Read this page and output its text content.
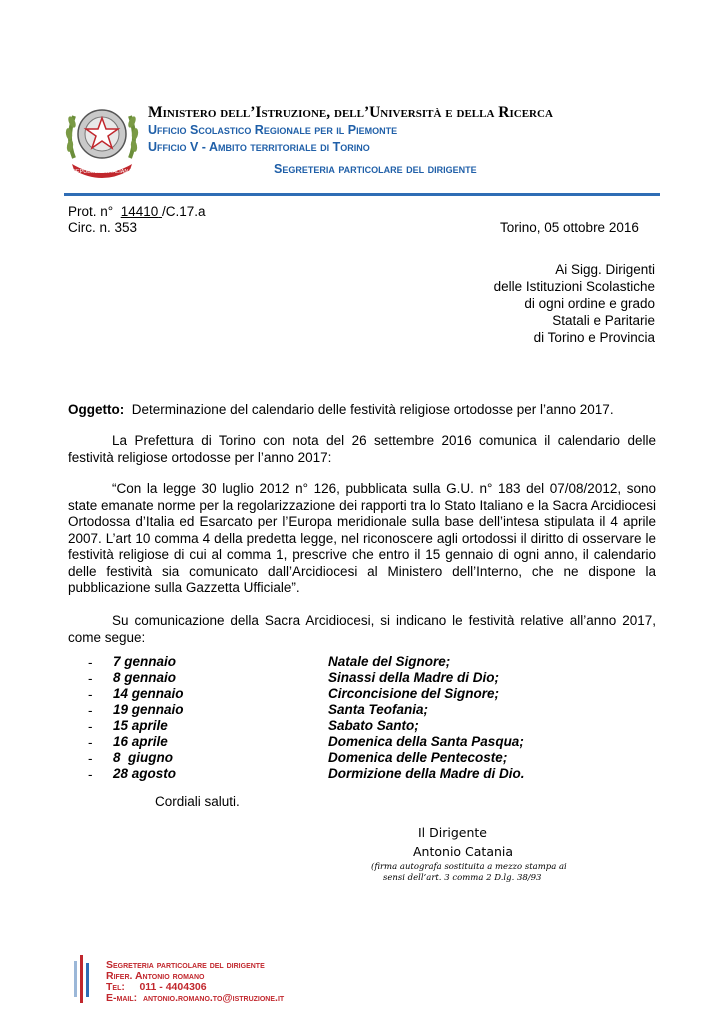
REPUBBLICA ITALIANA
Ministero dell’Istruzione, dell’Università e della Ricerca
Ufficio Scolastico Regionale per il Piemonte
Ufficio V - Ambito territoriale di Torino
Segreteria particolare del dirigente
Prot. n° 14410 /C.17.a
Circ. n. 353	Torino, 05 ottobre 2016
Ai Sigg. Dirigenti
delle Istituzioni Scolastiche
di ogni ordine e grado
Statali e Paritarie
di Torino e Provincia
Oggetto: Determinazione del calendario delle festività religiose ortodosse per l’anno 2017.
La Prefettura di Torino con nota del 26 settembre 2016 comunica il calendario delle festività religiose ortodosse per l’anno 2017:
“Con la legge 30 luglio 2012 n° 126, pubblicata sulla G.U. n° 183 del 07/08/2012, sono state emanate norme per la regolarizzazione dei rapporti tra lo Stato Italiano e la Sacra Arcidiocesi Ortodossa d’Italia ed Esarcato per l’Europa meridionale sulla base dell’intesa stipulata il 4 aprile 2007. L’art 10 comma 4 della predetta legge, nel riconoscere agli ortodossi il diritto di osservare le festività religiose di cui al comma 1, prescrive che entro il 15 gennaio di ogni anno, il calendario delle festività sia comunicato dall’Arcidiocesi al Ministero dell’Interno, che ne dispone la pubblicazione sulla Gazzetta Ufficiale”.
Su comunicazione della Sacra Arcidiocesi, si indicano le festività relative all’anno 2017, come segue:
- 7 gennaio	Natale del Signore;
- 8 gennaio	Sinassi della Madre di Dio;
- 14 gennaio	Circoncisione del Signore;
- 19 gennaio	Santa Teofania;
- 15 aprile	Sabato Santo;
- 16 aprile	Domenica della Santa Pasqua;
- 8  giugno	Domenica delle Pentecoste;
- 28 agosto	Dormizione della Madre di Dio.
Cordiali saluti.
Il Dirigente
Antonio Catania
(firma autografa sostituita a mezzo stampa ai
sensi dell’art. 3 comma 2 D.lg. 38/93
Segreteria particolare del dirigente
Rifer. Antonio romano
Tel:     011 - 4404306
E-mail:  antonio.romano.to@istruzione.it
